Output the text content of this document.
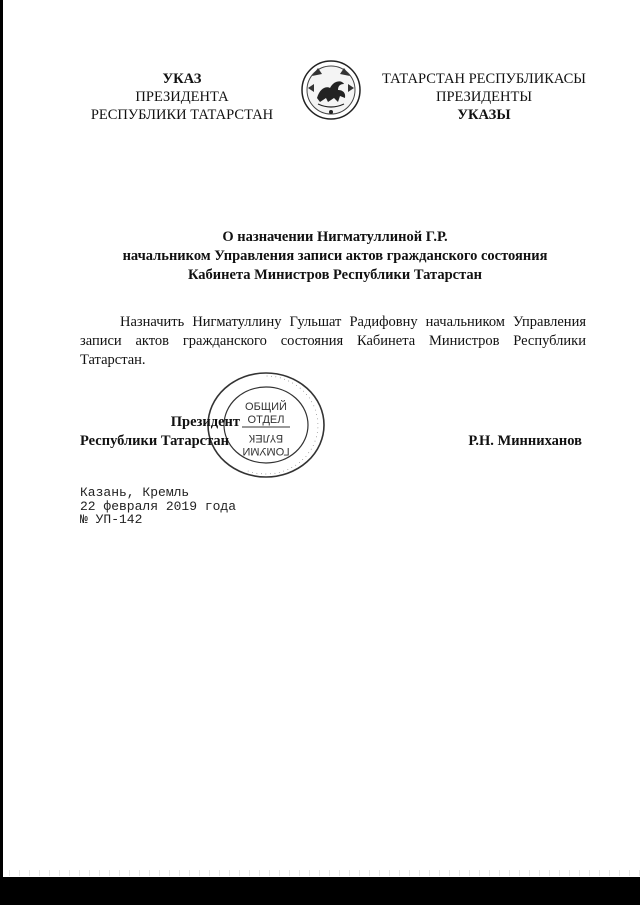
УКАЗ
ПРЕЗИДЕНТА
РЕСПУБЛИКИ ТАТАРСТАН
ТАТАРСТАН РЕСПУБЛИКАСЫ
ПРЕЗИДЕНТЫ
УКАЗЫ
О назначении Нигматуллиной Г.Р.
начальником Управления записи актов гражданского состояния
Кабинета Министров Республики Татарстан
Назначить Нигматуллину Гульшат Радифовну начальником Управления записи актов гражданского состояния Кабинета Министров Республики Татарстан.
· · · · · · · · · · · · · · · · · · · · · · · · · · · · · · · · · · · · · · · ·
ОБЩИЙ
ОТДЕЛ
ГОМУМИ
БҮЛЕК
Президент
Республики Татарстан	Р.Н. Минниханов
Казань, Кремль
22 февраля 2019 года
№ УП-142
